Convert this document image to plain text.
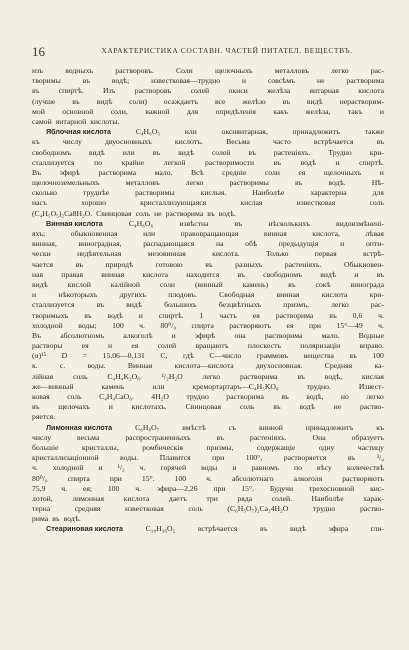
16	ХАРАКТЕРИСТИКА СОСТАВН. ЧАСТЕЙ ПИТАТЕЛ. ВЕЩЕСТВЪ.
изъ	водныхъ	растворовъ.	Соли	щелочныхъ	металловъ	легко	рас-
творимы	въ	водѣ;	известковая—трудно	и	совсѣмъ	не	растворима
въ	спиртѣ.	Изъ	растворовъ	солей	окиси	желѣза	янтарная	кислота
(лучше въ видѣ соли) осаждаетъ все желѣзо въ видѣ нерастворим-
мой основной соли, важной для опредѣленія какъ желѣза, такъ и
самой янтарной кислоты.
Яблочная кислота	C₄H₆O₅	или	оксиянтарная,	принадлежитъ	также
къ	числу	двуосновныхъ	кислотъ.	Весьма	часто	встрѣчается	въ
свободномъ видѣ или въ видѣ солей въ растеніяхъ. Трудно кри-
сталлизуется	по	крайне	легкой	растворимости	въ	водѣ	и	спиртѣ.
Въ эфирѣ растворима мало. Всѣ средніе соли ея щелочныхъ и
щелочноземельныхъ	металловъ	легко	растворимы	въ	водѣ.	Нѣ-
сколько	труднѣе	растворимы	кислыя.	Наиболѣе	характерна	для
насъ	хорошо	кристаллизующаяся	кислая	известковая	соль
(C₄H₅O₅)₂Ca8H₂O. Свинцовая соль не растворима въ водѣ.
Винная кислота	C₄H₆O₆	извѣстна	въ	нѣсколькихъ	видоизмѣнені-
яхъ;	обыкновенная	или	правовращающая	винная	кислота,	лѣвая
винная,	виноградная,	распадающаяся	на	обѣ	предыдущія	и	опти-
чески	недѣятельная	мезовинная	кислота.	Только	первая	встрѣ-
чается	въ	природѣ	готовою	въ	разныхъ	растеніяхъ.	Обыкновен-
ная правая винная кислота находится въ свободномъ видѣ и въ
видѣ	кислой	калійной	соли	(винный	камень)	въ	сокѣ	винограда
и	нѣкоторыхъ	другихъ	плодовъ.	Свободная	винная	кислота	кри-
сталлизуется	въ	видѣ	большихъ	безцвѣтныхъ	призмъ,	легко	рас-
творимыхъ въ водѣ и спиртѣ. 1 часть ея растворима въ 0,6 ч.
холодной воды; 100 ч. 80⁰/₀ спирта растворяютъ ея при 15°—49 ч.
Въ абсолютномъ алкоголѣ и эфирѣ она растворима мало. Водные
растворы	ея	и	ея	солей	вращаютъ	плоскость	поляризаціи	вправо.
(α)¹⁵ D = 15,06—0,131 C, гдѣ C—число граммовъ вещества въ 100
к.	с.	воды.	Винная	кислота—кислота	двухосновная.	Средняя	ка-
лійная	соль	C₄H₄K₂O₆.	¹/₂H₂O	легко	растворима	въ	водѣ,	кислая
же—винный	камень	или	кремортартаръ—C₄H₅KO₆	трудно.	Извест-
ковая соль C₄H₄CaO₆. 4H₂O трудно растворима въ водѣ, но легко
въ щелочахъ и кислотахъ. Свинцовая соль въ водѣ не раство-
ряется.
Лимонная кислота	C₆H₈O₇	вмѣстѣ	съ	винной	принадлежитъ	къ
числу	весьма	распространенныхъ	въ	растеніяхъ.	Она	образуетъ
большіе	кристаллы,	ромбическія	призмы,	содержащіе	одну	частицу
кристаллизаціонной	воды.	Плавится	при	100°,	растворяется	въ	³/₄
ч. холодной и ¹/₂ ч. горячей воды и равномъ по вѣсу количествѣ
80⁰/₀	спирта	при	15°.	100	ч.	абсолютнаго	алкоголя	растворяютъ
75,9 ч. ея; 100 ч. эфира—2,26 при 15°. Будучи трехосновной кис-
лотой,	лимонная	кислота	даетъ	три	ряда	солей.	Наиболѣе	харак-
терна	средняя	известковая	соль	(C₆H₅O₇)₂Ca₃4H₂O	трудно	раство-
рима въ водѣ.
Стеариновая кислота	C₁₈H₃₆O₂	встрѣчается	въ	видѣ	эфира	гли-
